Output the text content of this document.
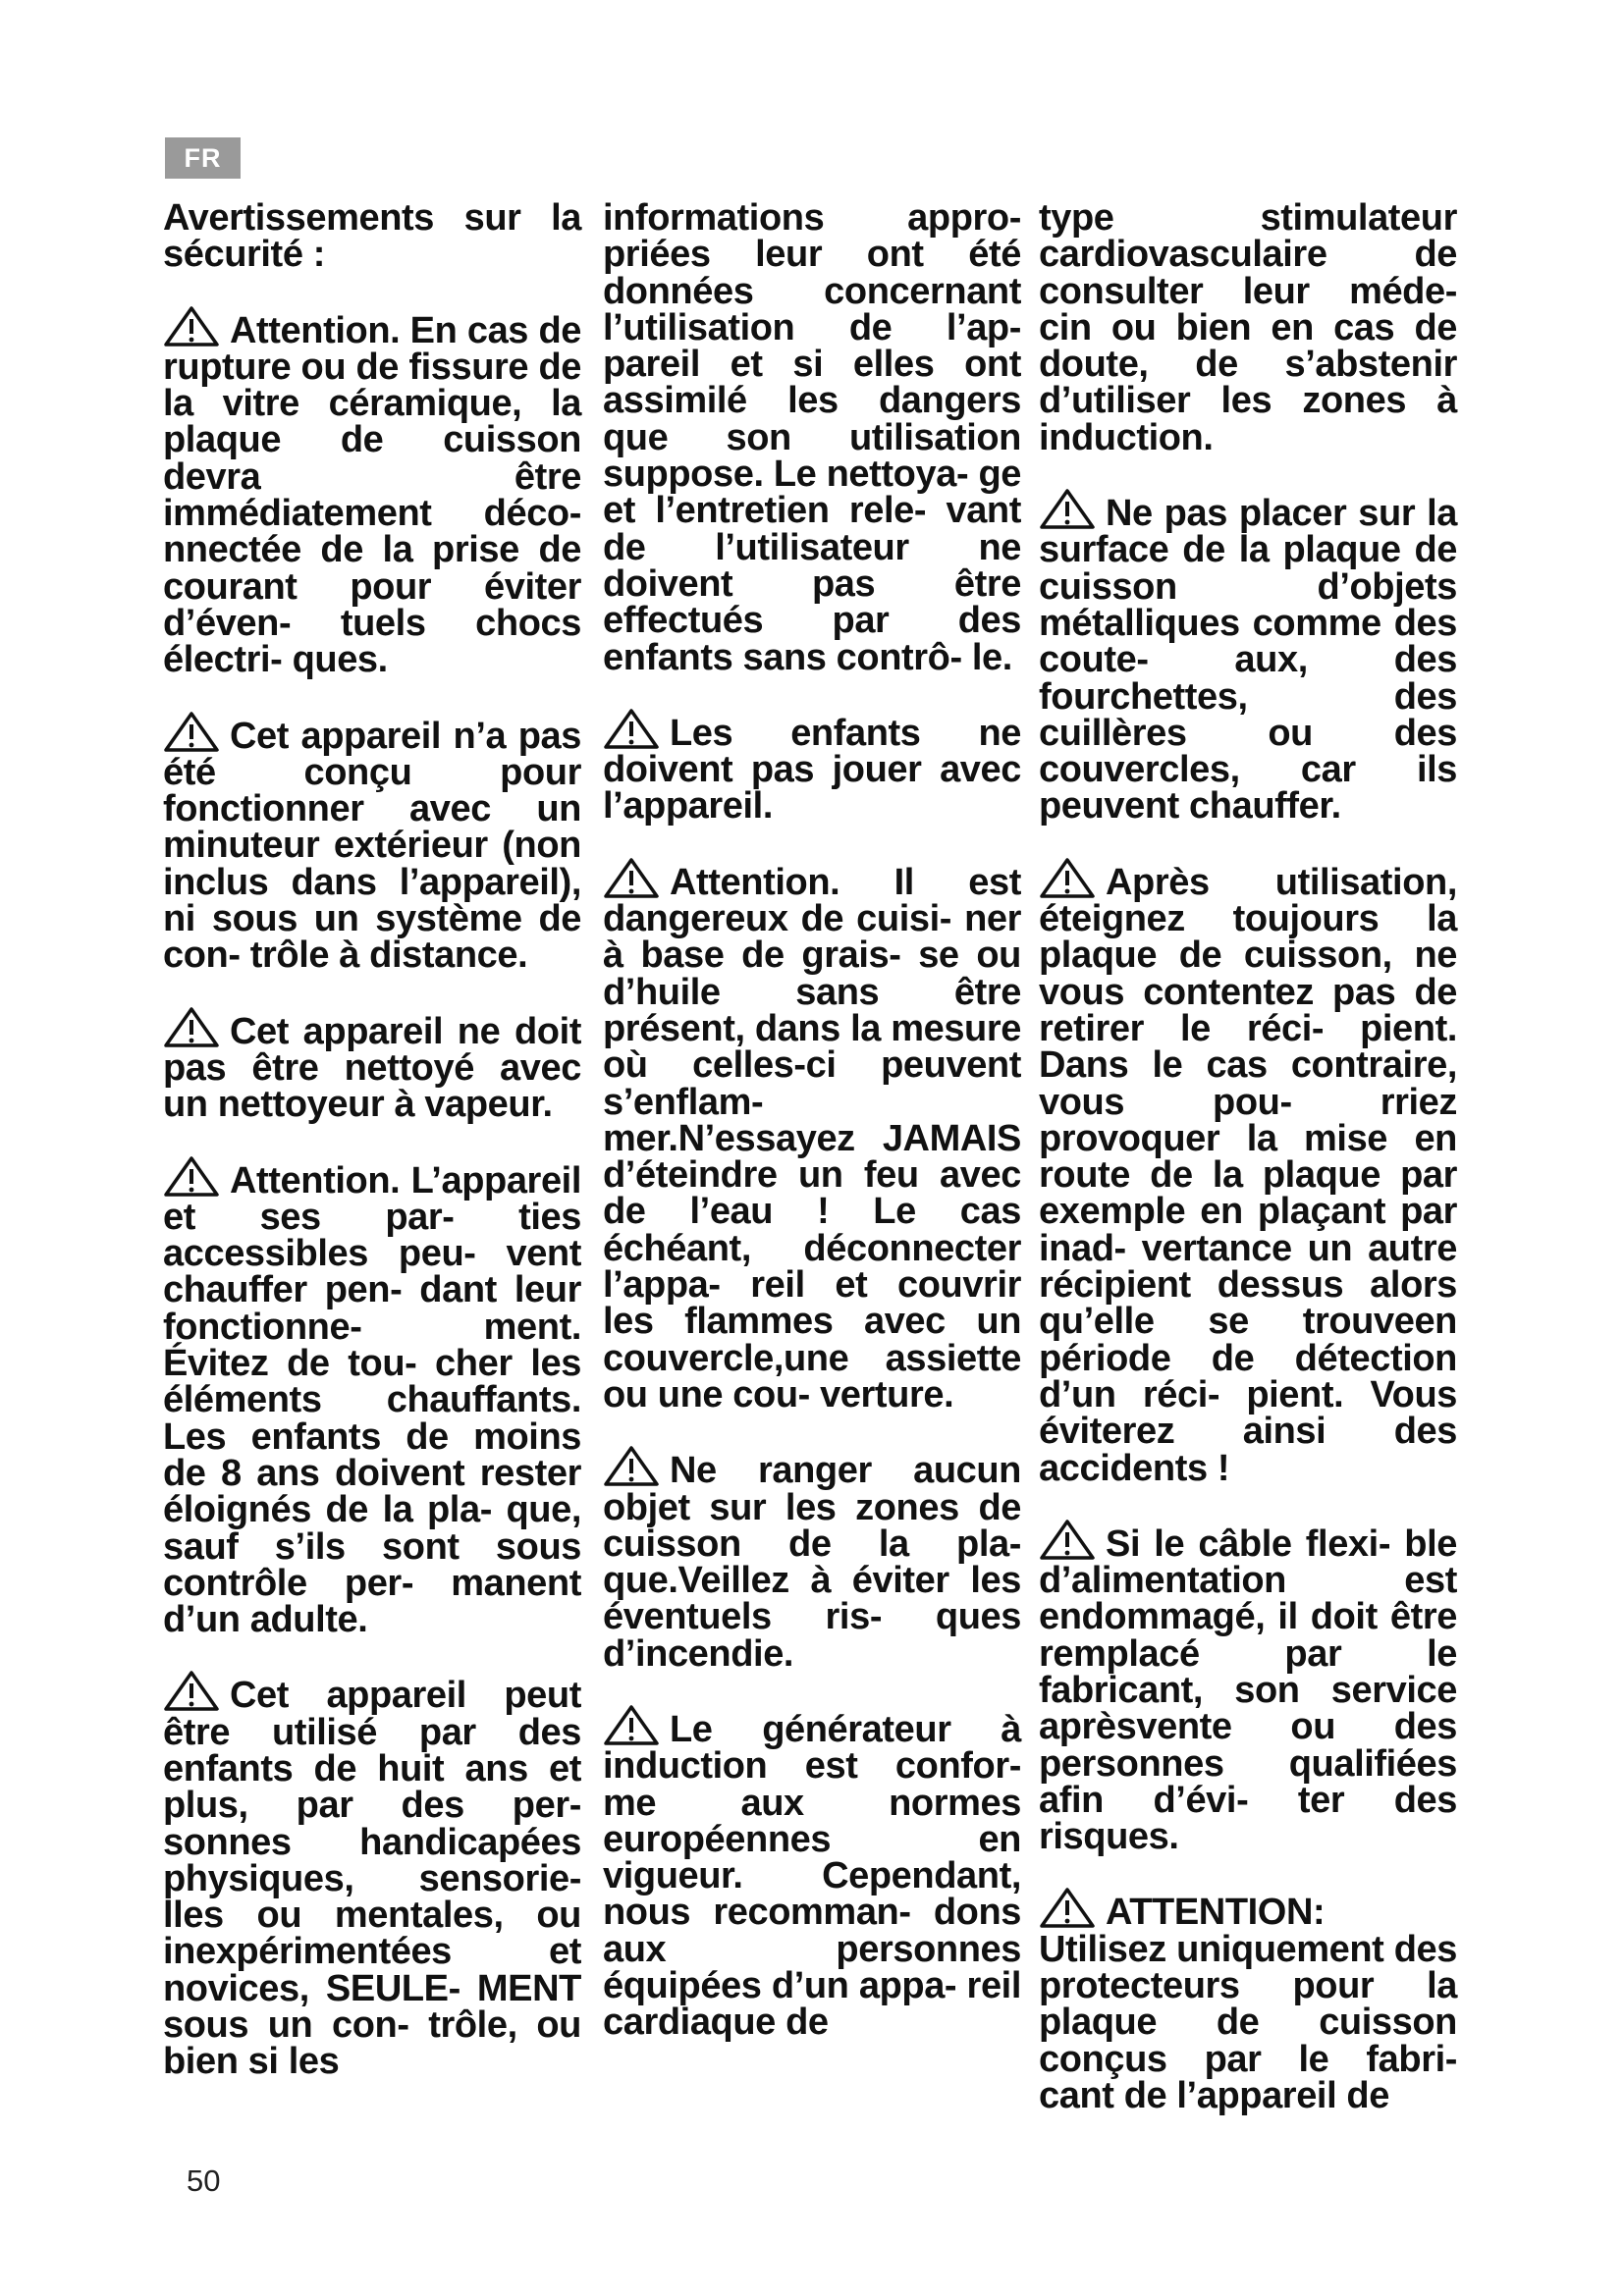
FR

Avertissements sur la sécurité :

Attention. En cas de rupture ou de fissure de la vitre céramique, la plaque de cuisson devra être immédiatement déco-nnectée de la prise de courant pour éviter d’éven- tuels chocs électri- ques.

Cet appareil n’a pas été conçu pour fonctionner avec un minuteur extérieur (non inclus dans l’appareil), ni sous un système de con- trôle à distance.

Cet appareil ne doit pas être nettoyé avec un nettoyeur à vapeur.

Attention. L’appareil et ses par- ties accessibles peu- vent chauffer pen- dant leur fonctionne- ment. Évitez de tou- cher les éléments chauffants. Les enfants de moins de 8 ans doivent rester éloignés de la pla- que, sauf s’ils sont sous contrôle per- manent d’un adulte.

Cet appareil peut être utilisé par des enfants de huit ans et plus, par des per- sonnes handicapées physiques, sensorie- lles ou mentales, ou inexpérimentées et novices, SEULE- MENT sous un con- trôle, ou bien si les

informations appro- priées leur ont été données concernant l’utilisation de l’ap- pareil et si elles ont assimilé les dangers que son utilisation suppose. Le nettoya- ge et l’entretien rele- vant de l’utilisateur ne doivent pas être effectués par des enfants sans contrô- le.

Les enfants ne doivent pas jouer avec l’appareil.

Attention. Il est dangereux de cuisi- ner à base de grais- se ou d’huile sans être présent, dans la mesure où celles-ci peuvent s’enflam- mer.N’essayez JAMAIS d’éteindre un feu avec de l’eau ! Le cas échéant, déconnecter l’appa- reil et couvrir les flammes avec un couvercle,une assiette ou une cou- verture.

Ne ranger aucun objet sur les zones de cuisson de la pla- que.Veillez à éviter les éventuels ris- ques d’incendie.

Le générateur à induction est confor- me aux normes européennes en vigueur. Cependant, nous recomman- dons aux personnes équipées d’un appa- reil cardiaque de

type stimulateur cardiovasculaire de consulter leur méde- cin ou bien en cas de doute, de s’abstenir d’utiliser les zones à induction.

Ne pas placer sur la surface de la plaque de cuisson d’objets métalliques comme des coute- aux, des fourchettes, des cuillères ou des couvercles, car ils peuvent chauffer.

Après utilisation, éteignez toujours la plaque de cuisson, ne vous contentez pas de retirer le réci- pient. Dans le cas contraire, vous pou- rriez provoquer la mise en route de la plaque par exemple en plaçant par inad- vertance un autre récipient dessus alors qu’elle se trouveen période de détection d’un réci- pient. Vous éviterez ainsi des accidents !

Si le câble flexi- ble d’alimentation est endommagé, il doit être remplacé par le fabricant, son service aprèsvente ou des personnes qualifiées afin d’évi- ter des risques.

ATTENTION: Utilisez uniquement des protecteurs pour la plaque de cuisson conçus par le fabri- cant de l’appareil de

50
